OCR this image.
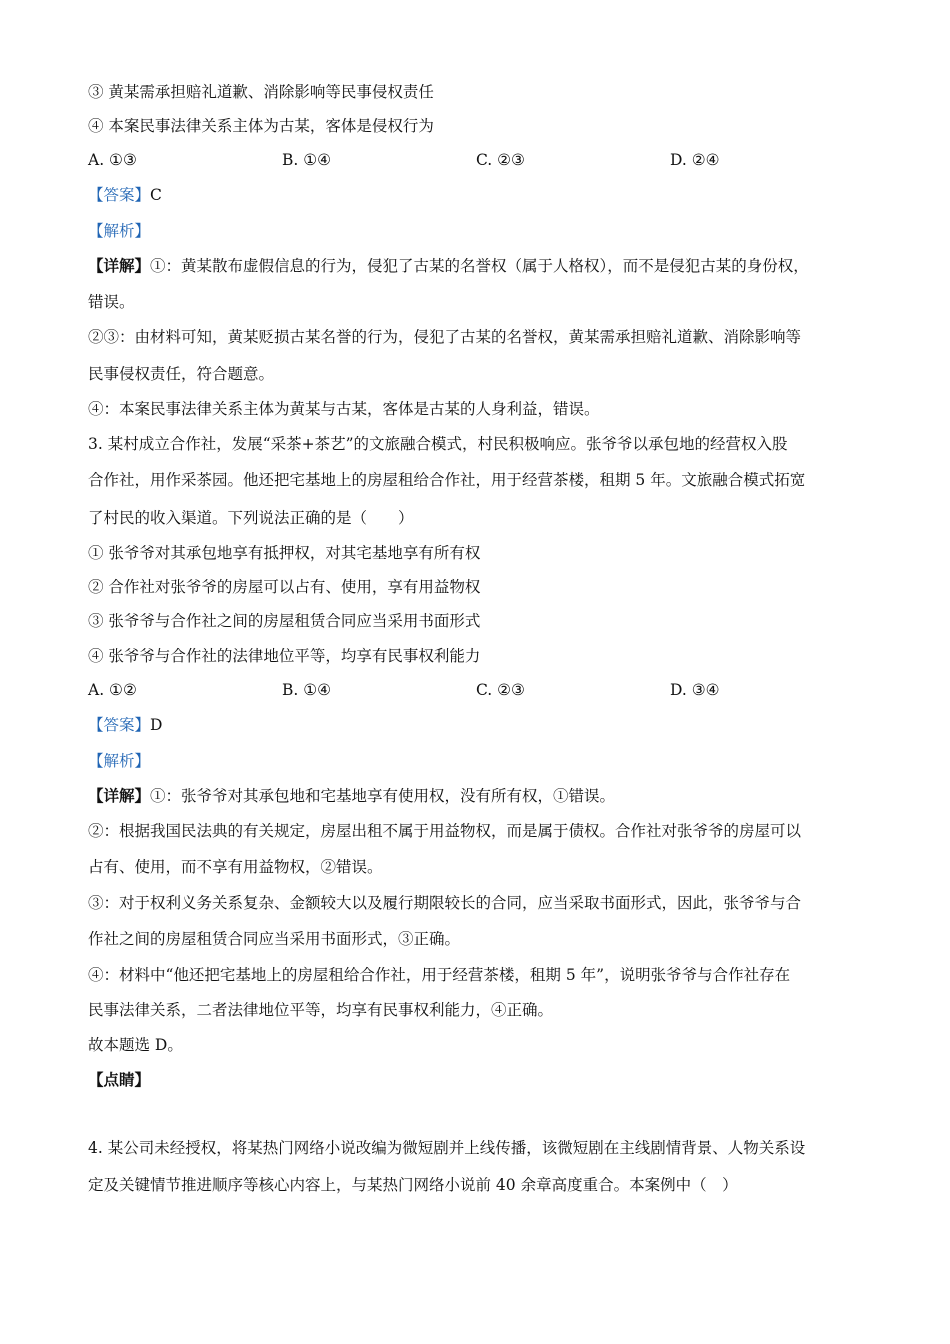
③ 黄某需承担赔礼道歉、消除影响等民事侵权责任
④ 本案民事法律关系主体为古某，客体是侵权行为
A. ①③	B. ①④	C. ②③	D. ②④
【答案】C
【解析】
【详解】①：黄某散布虚假信息的行为，侵犯了古某的名誉权（属于人格权），而不是侵犯古某的身份权，
错误。
②③：由材料可知，黄某贬损古某名誉的行为，侵犯了古某的名誉权，黄某需承担赔礼道歉、消除影响等
民事侵权责任，符合题意。
④：本案民事法律关系主体为黄某与古某，客体是古某的人身利益，错误。
3. 某村成立合作社，发展“采茶+茶艺”的文旅融合模式，村民积极响应。张爷爷以承包地的经营权入股
合作社，用作采茶园。他还把宅基地上的房屋租给合作社，用于经营茶楼，租期 5 年。文旅融合模式拓宽
了村民的收入渠道。下列说法正确的是（　　）
① 张爷爷对其承包地享有抵押权，对其宅基地享有所有权
② 合作社对张爷爷的房屋可以占有、使用，享有用益物权
③ 张爷爷与合作社之间的房屋租赁合同应当采用书面形式
④ 张爷爷与合作社的法律地位平等，均享有民事权利能力
A. ①②	B. ①④	C. ②③	D. ③④
【答案】D
【解析】
【详解】①：张爷爷对其承包地和宅基地享有使用权，没有所有权，①错误。
②：根据我国民法典的有关规定，房屋出租不属于用益物权，而是属于债权。合作社对张爷爷的房屋可以
占有、使用，而不享有用益物权，②错误。
③：对于权利义务关系复杂、金额较大以及履行期限较长的合同，应当采取书面形式，因此，张爷爷与合
作社之间的房屋租赁合同应当采用书面形式，③正确。
④：材料中“他还把宅基地上的房屋租给合作社，用于经营茶楼，租期 5 年”，说明张爷爷与合作社存在
民事法律关系，二者法律地位平等，均享有民事权利能力，④正确。
故本题选 D。
【点睛】
4. 某公司未经授权，将某热门网络小说改编为微短剧并上线传播，该微短剧在主线剧情背景、人物关系设
定及关键情节推进顺序等核心内容上，与某热门网络小说前 40 余章高度重合。本案例中（　）
